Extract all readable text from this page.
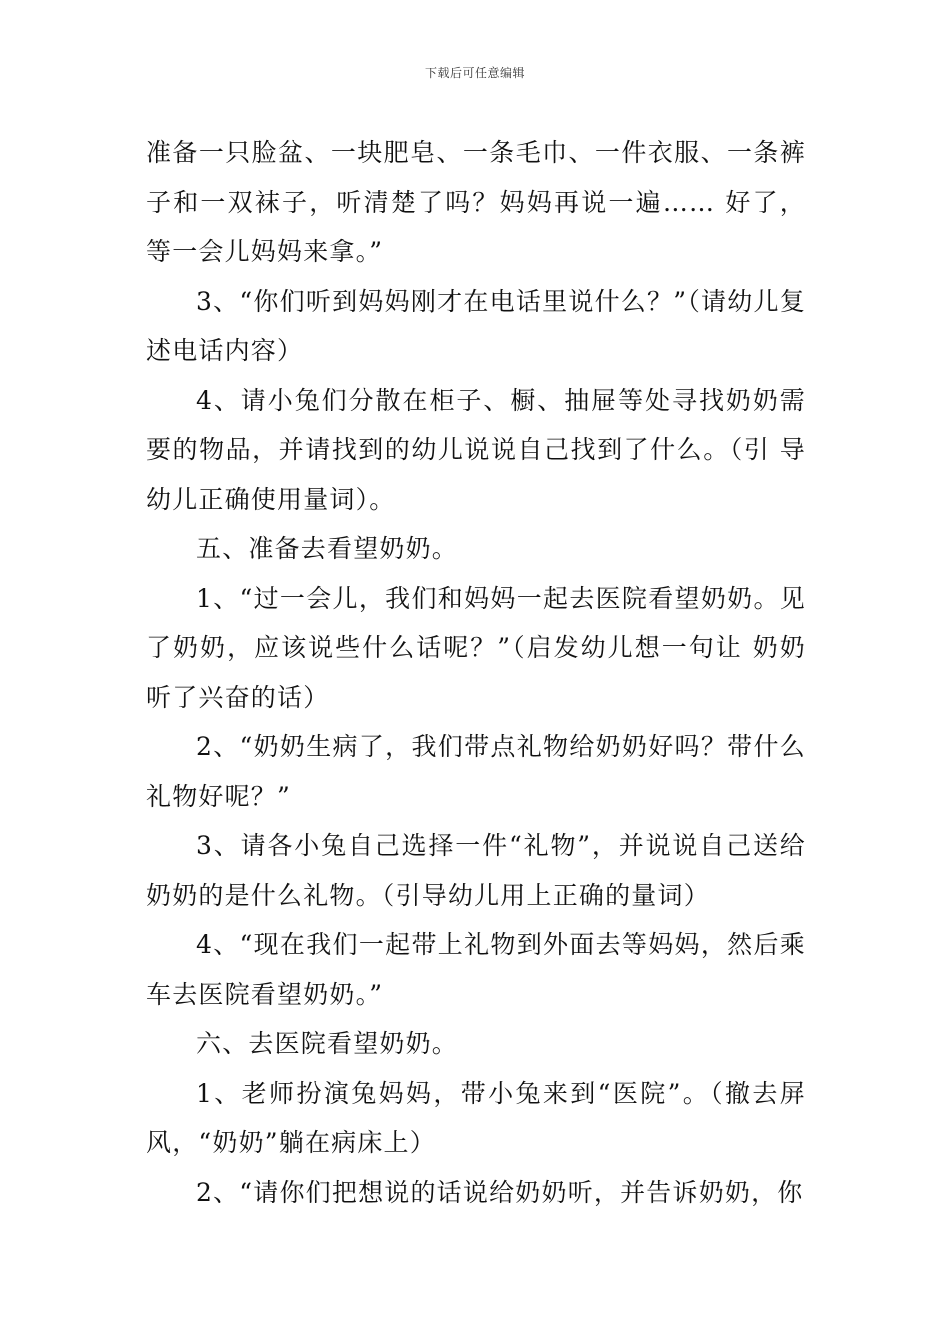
下载后可任意编辑

准备一只脸盆、一块肥皂、一条毛巾、一件衣服、一条裤子和一双袜子，听清楚了吗？妈妈再说一遍…… 好了，等一会儿妈妈来拿。”

3、“你们听到妈妈刚才在电话里说什么？”（请幼儿复述电话内容）

4、请小兔们分散在柜子、橱、抽屉等处寻找奶奶需要的物品，并请找到的幼儿说说自己找到了什么。（引 导幼儿正确使用量词）。

五、准备去看望奶奶。

1、“过一会儿，我们和妈妈一起去医院看望奶奶。见了奶奶，应该说些什么话呢？”（启发幼儿想一句让 奶奶听了兴奋的话）

2、“奶奶生病了，我们带点礼物给奶奶好吗？带什么礼物好呢？”

3、请各小兔自己选择一件“礼物”，并说说自己送给奶奶的是什么礼物。（引导幼儿用上正确的量词）

4、“现在我们一起带上礼物到外面去等妈妈，然后乘车去医院看望奶奶。”

六、去医院看望奶奶。

1、老师扮演兔妈妈，带小兔来到“医院”。（撤去屏风，“奶奶”躺在病床上）

2、“请你们把想说的话说给奶奶听，并告诉奶奶，你
